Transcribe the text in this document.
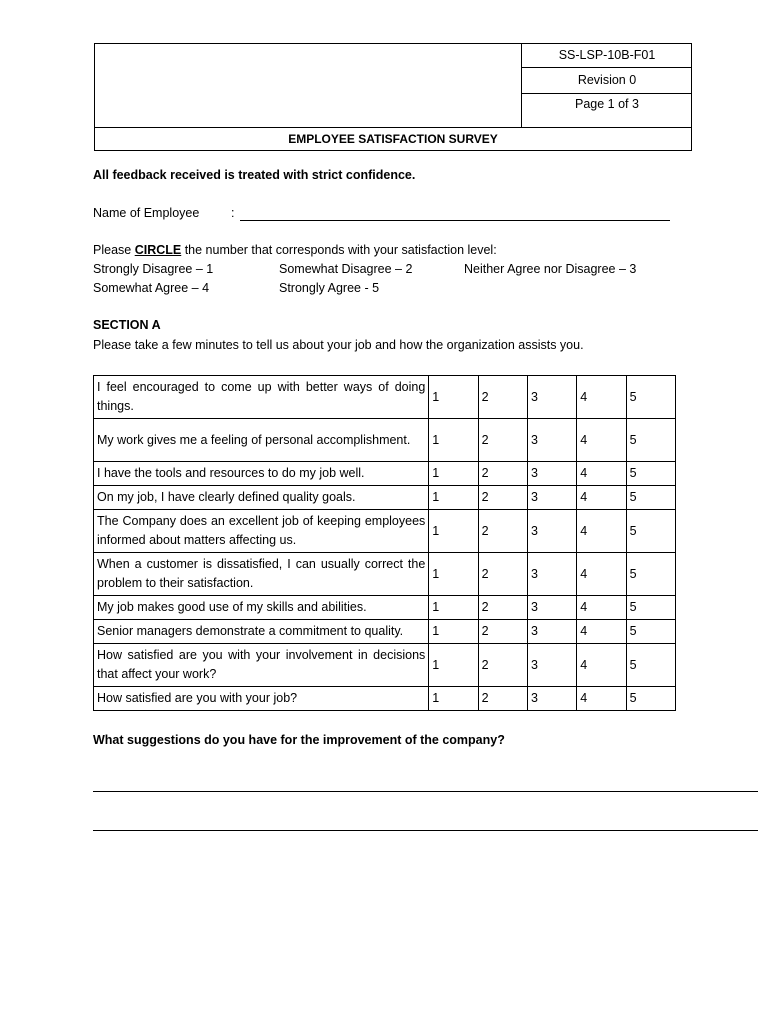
SS-LSP-10B-F01
Revision 0
Page 1 of 3
EMPLOYEE SATISFACTION SURVEY
All feedback received is treated with strict confidence.
Name of Employee	:
Please CIRCLE the number that corresponds with your satisfaction level:
Strongly Disagree – 1	Somewhat Disagree – 2	Neither Agree nor Disagree – 3
Somewhat Agree – 4	Strongly Agree - 5
SECTION A
Please take a few minutes to tell us about your job and how the organization assists you.
I feel encouraged to come up with better ways of doing things.	1	2	3	4	5
My work gives me a feeling of personal accomplishment.	1	2	3	4	5
I have the tools and resources to do my job well.	1	2	3	4	5
On my job, I have clearly defined quality goals.	1	2	3	4	5
The Company does an excellent job of keeping employees informed about matters affecting us.	1	2	3	4	5
When a customer is dissatisfied, I can usually correct the problem to their satisfaction.	1	2	3	4	5
My job makes good use of my skills and abilities.	1	2	3	4	5
Senior managers demonstrate a commitment to quality.	1	2	3	4	5
How satisfied are you with your involvement in decisions that affect your work?	1	2	3	4	5
How satisfied are you with your job?	1	2	3	4	5
What suggestions do you have for the improvement of the company?
